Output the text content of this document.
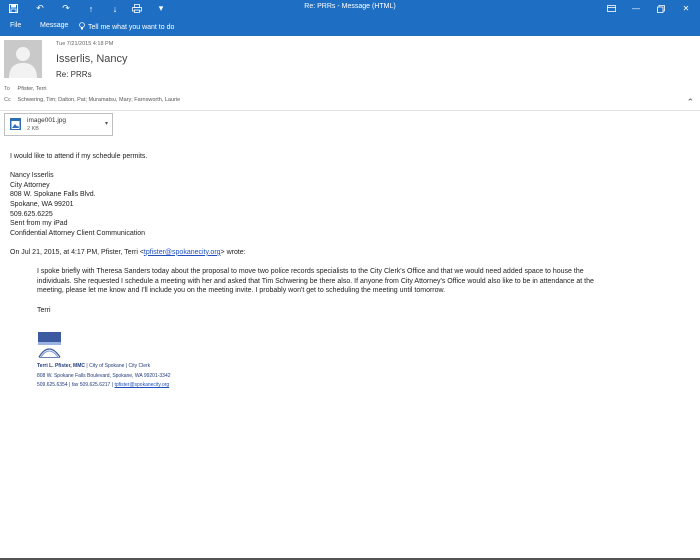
↶	↷	↑	↓	▾	Re: PRRs - Message (HTML)	—	✕
File	Message	Tell me what you want to do
Tue 7/21/2015 4:18 PM
Isserlis, Nancy
Re: PRRs
To Pfister, Terri
Cc Schwering, Tim; Dalton, Pat; Muramatsu, Mary; Farnsworth, Laurie	⌃
image001.jpg
2 KB
▾

I would like to attend if my schedule permits.

Nancy Isserlis

City Attorney

808 W. Spokane Falls Blvd.

Spokane, WA 99201

509.625.6225

Sent from my iPad

Confidential Attorney Client Communication

On Jul 21, 2015, at 4:17 PM, Pfister, Terri <tpfister@spokanecity.org> wrote:

I spoke briefly with Theresa Sanders today about the proposal to move two police records specialists to the City Clerk's Office and that we would need added space to house the

individuals. She requested I schedule a meeting with her and asked that Tim Schwering be there also. If anyone from City Attorney's Office would also like to be in attendance at the

meeting, please let me know and I'll include you on the meeting invite. I probably won't get to scheduling the meeting until tomorrow.

Terri

Terri L. Pfister, MMC | City of Spokane | City Clerk
808 W. Spokane Falls Boulevard, Spokane, WA 99201-3342
509.625.6354 | fax 509.625.6217 | tpfister@spokanecity.org
